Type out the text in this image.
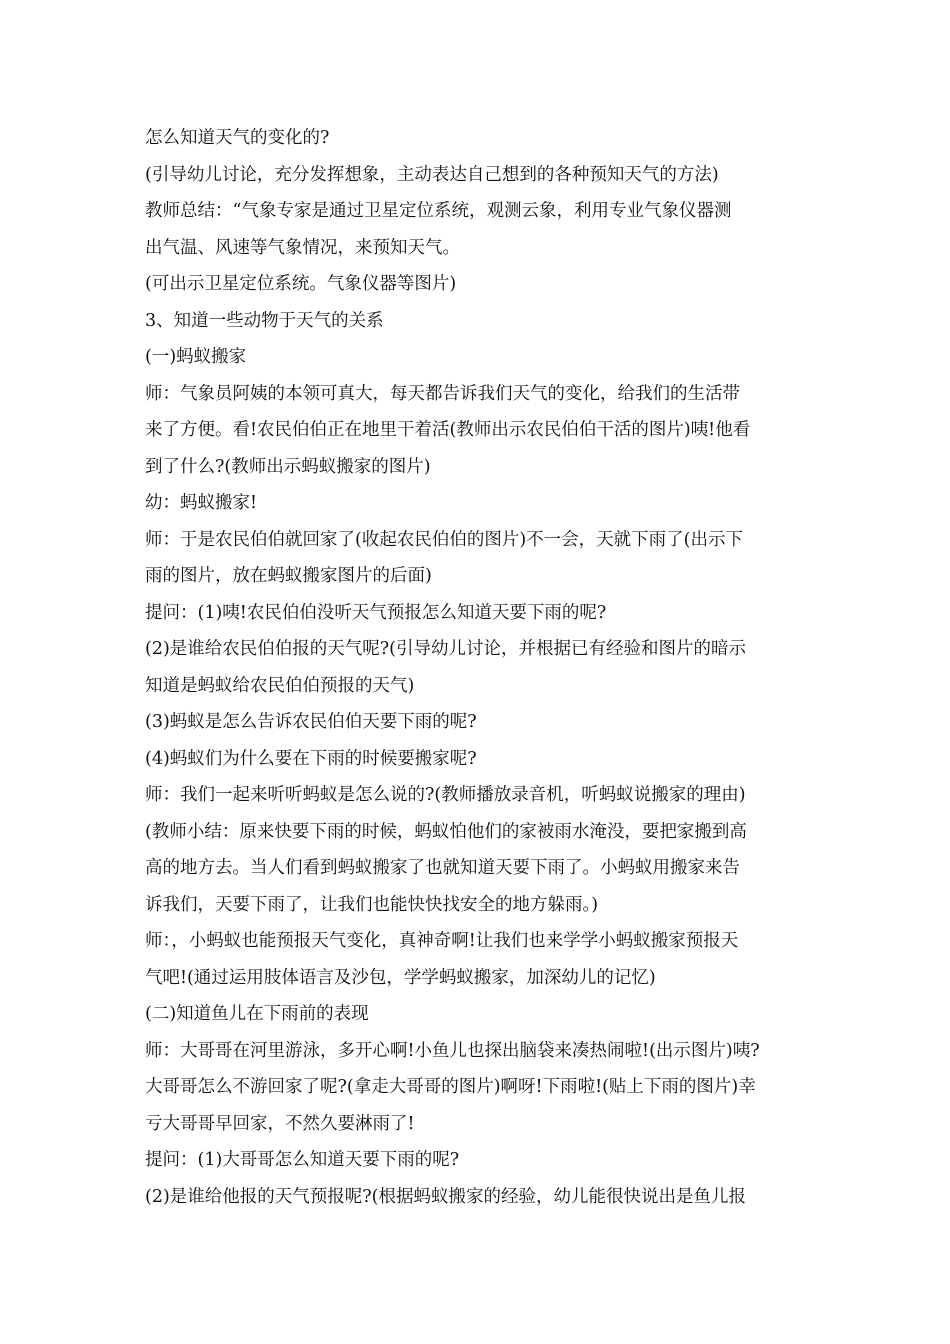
怎么知道天气的变化的?
(引导幼儿讨论，充分发挥想象，主动表达自己想到的各种预知天气的方法)
教师总结：“气象专家是通过卫星定位系统，观测云象，利用专业气象仪器测
出气温、风速等气象情况，来预知天气。
(可出示卫星定位系统。气象仪器等图片)
3、知道一些动物于天气的关系
(一)蚂蚁搬家
师：气象员阿姨的本领可真大，每天都告诉我们天气的变化，给我们的生活带
来了方便。看!农民伯伯正在地里干着活(教师出示农民伯伯干活的图片)咦!他看
到了什么?(教师出示蚂蚁搬家的图片)
幼：蚂蚁搬家!
师：于是农民伯伯就回家了(收起农民伯伯的图片)不一会，天就下雨了(出示下
雨的图片，放在蚂蚁搬家图片的后面)
提问：(1)咦!农民伯伯没听天气预报怎么知道天要下雨的呢?
(2)是谁给农民伯伯报的天气呢?(引导幼儿讨论，并根据已有经验和图片的暗示
知道是蚂蚁给农民伯伯预报的天气)
(3)蚂蚁是怎么告诉农民伯伯天要下雨的呢?
(4)蚂蚁们为什么要在下雨的时候要搬家呢?
师：我们一起来听听蚂蚁是怎么说的?(教师播放录音机，听蚂蚁说搬家的理由)
(教师小结：原来快要下雨的时候，蚂蚁怕他们的家被雨水淹没，要把家搬到高
高的地方去。当人们看到蚂蚁搬家了也就知道天要下雨了。小蚂蚁用搬家来告
诉我们，天要下雨了，让我们也能快快找安全的地方躲雨。)
师：，小蚂蚁也能预报天气变化，真神奇啊!让我们也来学学小蚂蚁搬家预报天
气吧!(通过运用肢体语言及沙包，学学蚂蚁搬家，加深幼儿的记忆)
(二)知道鱼儿在下雨前的表现
师：大哥哥在河里游泳，多开心啊!小鱼儿也探出脑袋来凑热闹啦!(出示图片)咦?
大哥哥怎么不游回家了呢?(拿走大哥哥的图片)啊呀!下雨啦!(贴上下雨的图片)幸
亏大哥哥早回家，不然久要淋雨了!
提问：(1)大哥哥怎么知道天要下雨的呢?
(2)是谁给他报的天气预报呢?(根据蚂蚁搬家的经验，幼儿能很快说出是鱼儿报
